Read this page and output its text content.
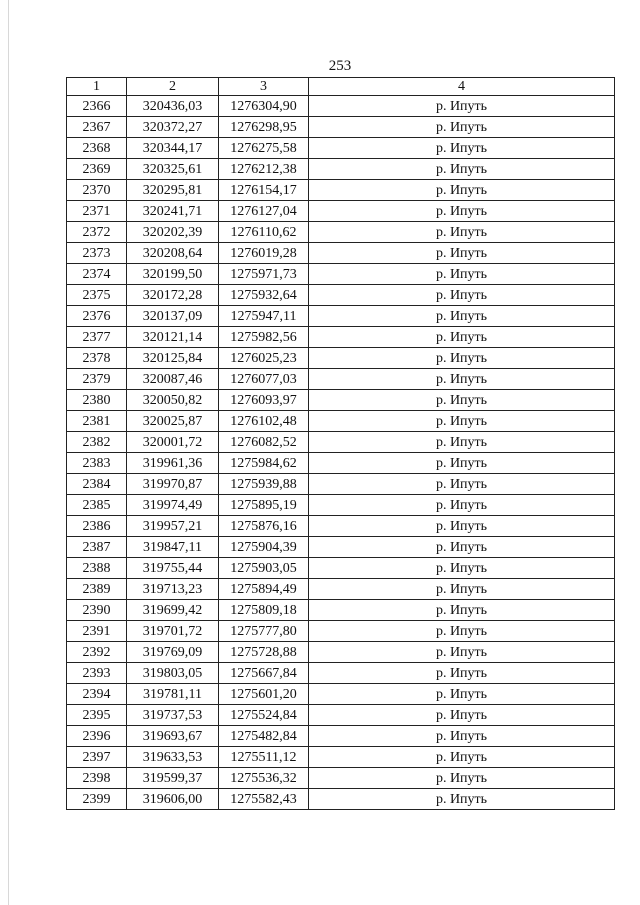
253
1	2	3	4
2366	320436,03	1276304,90	р. Ипуть
2367	320372,27	1276298,95	р. Ипуть
2368	320344,17	1276275,58	р. Ипуть
2369	320325,61	1276212,38	р. Ипуть
2370	320295,81	1276154,17	р. Ипуть
2371	320241,71	1276127,04	р. Ипуть
2372	320202,39	1276110,62	р. Ипуть
2373	320208,64	1276019,28	р. Ипуть
2374	320199,50	1275971,73	р. Ипуть
2375	320172,28	1275932,64	р. Ипуть
2376	320137,09	1275947,11	р. Ипуть
2377	320121,14	1275982,56	р. Ипуть
2378	320125,84	1276025,23	р. Ипуть
2379	320087,46	1276077,03	р. Ипуть
2380	320050,82	1276093,97	р. Ипуть
2381	320025,87	1276102,48	р. Ипуть
2382	320001,72	1276082,52	р. Ипуть
2383	319961,36	1275984,62	р. Ипуть
2384	319970,87	1275939,88	р. Ипуть
2385	319974,49	1275895,19	р. Ипуть
2386	319957,21	1275876,16	р. Ипуть
2387	319847,11	1275904,39	р. Ипуть
2388	319755,44	1275903,05	р. Ипуть
2389	319713,23	1275894,49	р. Ипуть
2390	319699,42	1275809,18	р. Ипуть
2391	319701,72	1275777,80	р. Ипуть
2392	319769,09	1275728,88	р. Ипуть
2393	319803,05	1275667,84	р. Ипуть
2394	319781,11	1275601,20	р. Ипуть
2395	319737,53	1275524,84	р. Ипуть
2396	319693,67	1275482,84	р. Ипуть
2397	319633,53	1275511,12	р. Ипуть
2398	319599,37	1275536,32	р. Ипуть
2399	319606,00	1275582,43	р. Ипуть
